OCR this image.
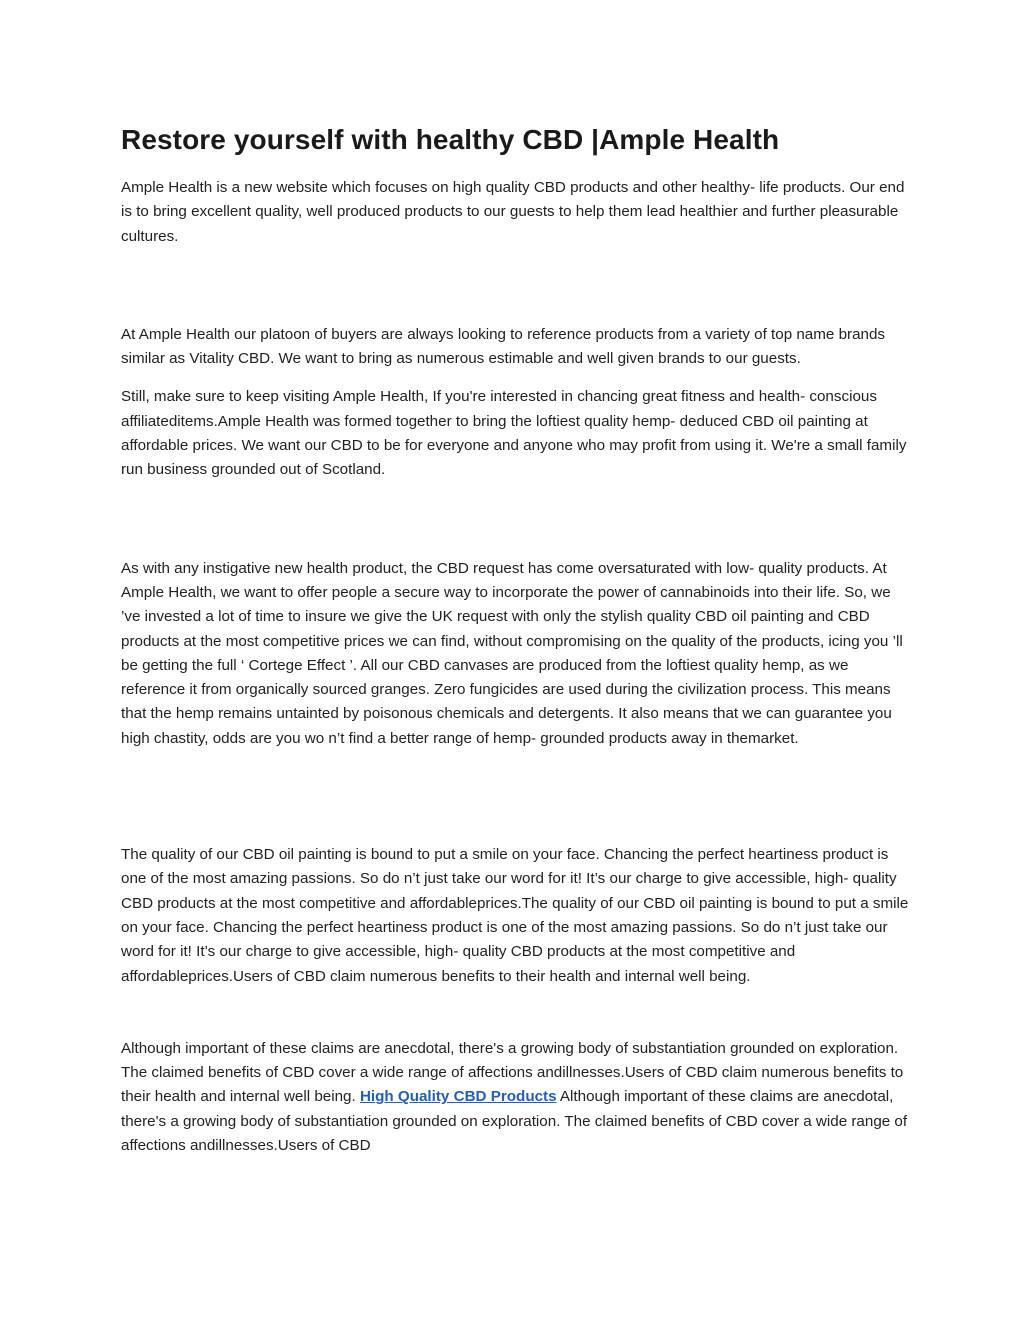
Restore yourself with healthy CBD |Ample Health

Ample Health is a new website which focuses on high quality CBD products and other healthy- life products. Our end is to bring excellent quality, well produced products to our guests to help them lead healthier and further pleasurable cultures.

At Ample Health our platoon of buyers are always looking to reference products from a variety of top name brands similar as Vitality CBD. We want to bring as numerous estimable and well given brands to our guests.

Still, make sure to keep visiting Ample Health, If you're interested in chancing great fitness and health- conscious affiliateditems.Ample Health was formed together to bring the loftiest quality hemp- deduced CBD oil painting at affordable prices. We want our CBD to be for everyone and anyone who may profit from using it. We're a small family run business grounded out of Scotland.

As with any instigative new health product, the CBD request has come oversaturated with low- quality products. At Ample Health, we want to offer people a secure way to incorporate the power of cannabinoids into their life. So, we ’ve invested a lot of time to insure we give the UK request with only the stylish quality CBD oil painting and CBD products at the most competitive prices we can find, without compromising on the quality of the products, icing you ’ll be getting the full ‘ Cortege Effect ’. All our CBD canvases are produced from the loftiest quality hemp, as we reference it from organically sourced granges. Zero fungicides are used during the civilization process. This means that the hemp remains untainted by poisonous chemicals and detergents. It also means that we can guarantee you high chastity, odds are you wo n’t find a better range of hemp- grounded products away in themarket.

The quality of our CBD oil painting is bound to put a smile on your face. Chancing the perfect heartiness product is one of the most amazing passions. So do n’t just take our word for it! It’s our charge to give accessible, high- quality CBD products at the most competitive and affordableprices.The quality of our CBD oil painting is bound to put a smile on your face. Chancing the perfect heartiness product is one of the most amazing passions. So do n’t just take our word for it! It’s our charge to give accessible, high- quality CBD products at the most competitive and affordableprices.Users of CBD claim numerous benefits to their health and internal well being.

Although important of these claims are anecdotal, there's a growing body of substantiation grounded on exploration. The claimed benefits of CBD cover a wide range of affections andillnesses.Users of CBD claim numerous benefits to their health and internal well being. High Quality CBD Products Although important of these claims are anecdotal, there's a growing body of substantiation grounded on exploration. The claimed benefits of CBD cover a wide range of affections andillnesses.Users of CBD
